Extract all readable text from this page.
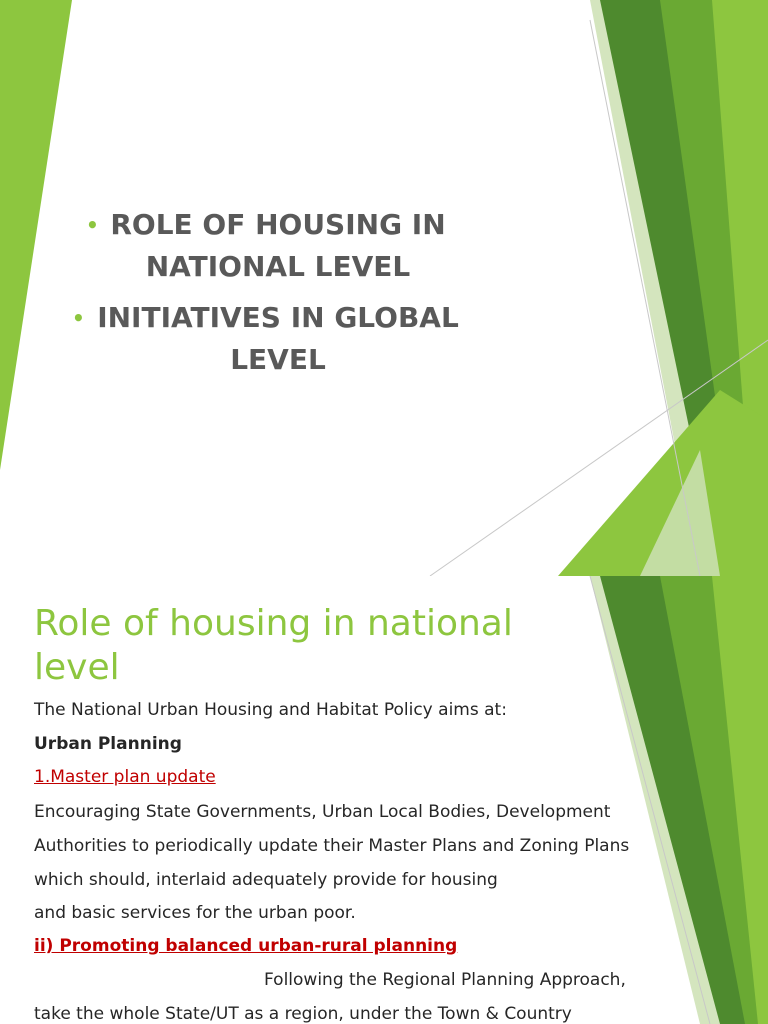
• ROLE OF HOUSING IN
NATIONAL LEVEL
• INITIATIVES IN GLOBAL
LEVEL
Role of housing in national
level
The National Urban Housing and Habitat Policy aims at:
Urban Planning
1.Master plan update
Encouraging State Governments, Urban Local Bodies, Development
Authorities to periodically update their Master Plans and Zoning Plans
which should, interlaid adequately provide for housing
and basic services for the urban poor.
ii) Promoting balanced urban-rural planning
Following the Regional Planning Approach,
take the whole State/UT as a region, under the Town & Country
